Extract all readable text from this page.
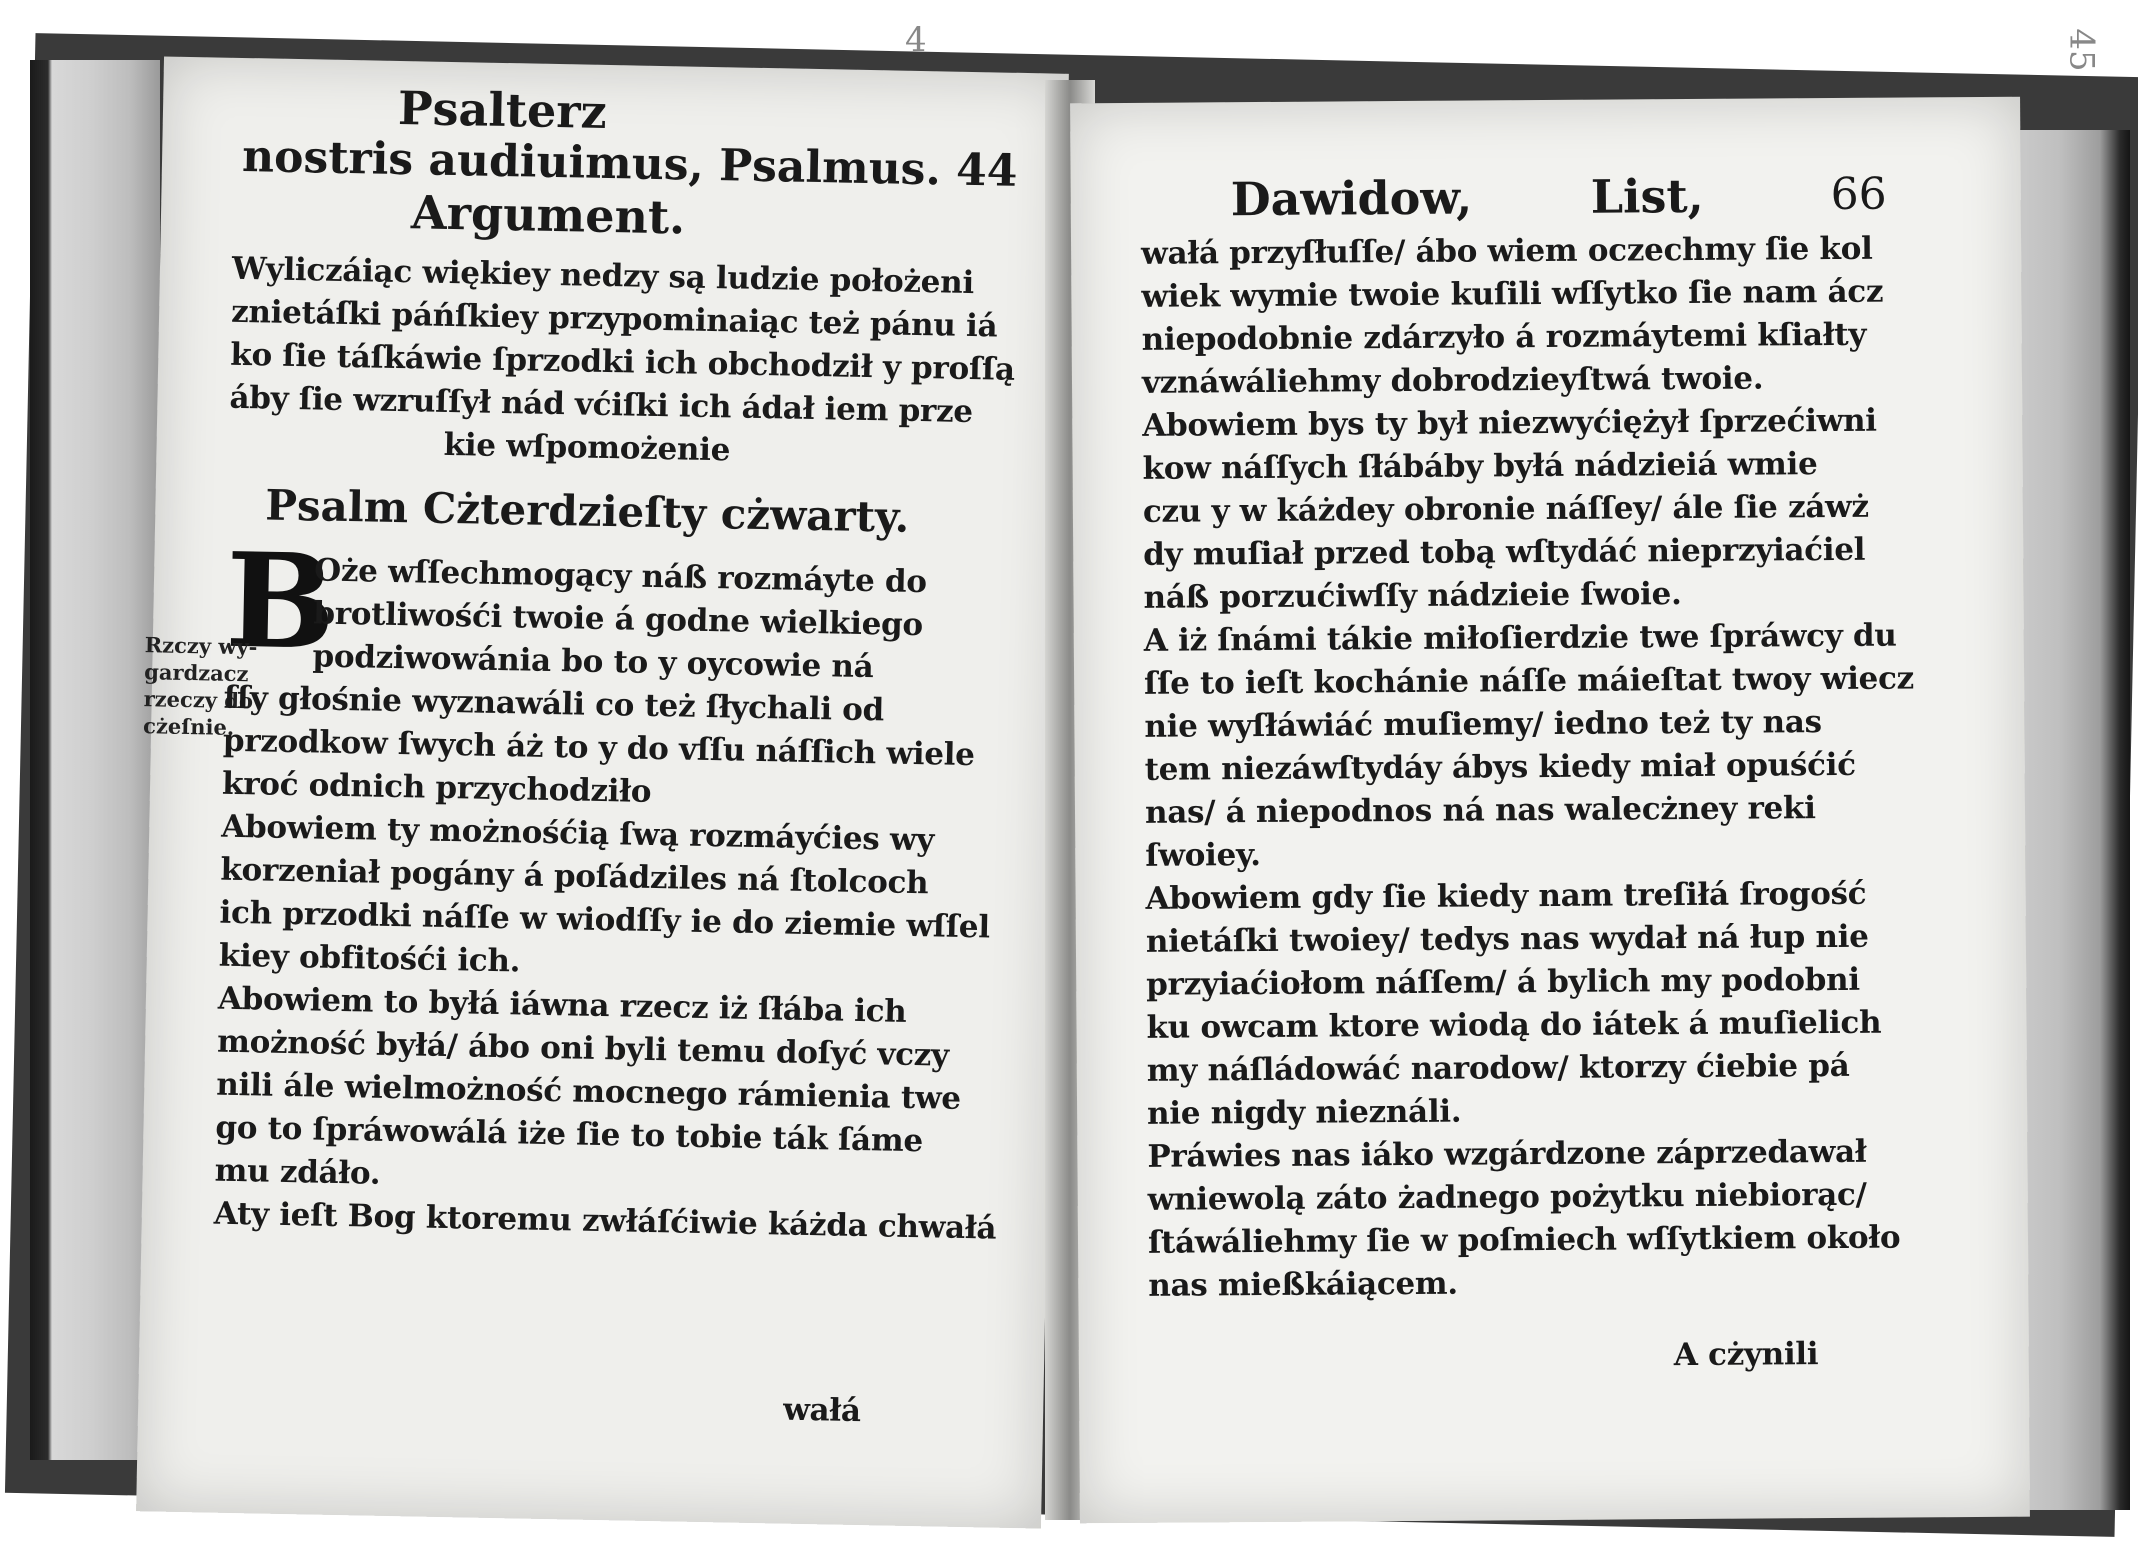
Psalterz
nostris audiuimus, Psalmus. 44
Argument.
Wyliczáiąc więkiey nedzy są ludzie położeni
znietáſki páńſkiey przypominaiąc też pánu iá
ko ſie táſkáwie ſprzodki ich obchodził y proſſą
áby ſie wzruſſył nád vćiſki ich ádał iem prze
kie wſpomożenie
Psalm Cżterdzieſty cżwarty.
B
Rzczy wy-
gardzacz
rzeczy do
cżeſnie.
Oże wſſechmogący náß rozmáyte do
brotliwośći twoie á godne wielkiego
podziwowánia bo to y oycowie ná
ſſy głośnie wyznawáli co też ſłychali od
przodkow ſwych áż to y do vſſu náſſich wiele
kroć odnich przychodziło
Abowiem ty możnośćią ſwą rozmáyćies wy
korzeniał pogány á poſádziles ná ſtolcoch
ich przodki náſſe w wiodſſy ie do ziemie wſſel
kiey obfitośći ich.
Abowiem to byłá iáwna rzecz iż ſłába ich
możność byłá/ ábo oni byli temu doſyć vczy
nili ále wielmożność mocnego rámienia twe
go to ſpráwowálá iże ſie to tobie ták ſáme
mu zdáło.
Aty ieſt Bog ktoremu zwłáſćiwie káżda chwałá
wałá
Dawidow,	List,	66
wałá przyſłuſſe/ ábo wiem oczechmy ſie kol
wiek wymie twoie kuſili wſſytko ſie nam ácz
niepodobnie zdárzyło á rozmáytemi kſiałty
vznáwáliehmy dobrodzieyſtwá twoie.
Abowiem bys ty był niezwyćiężył ſprzećiwni
kow náſſych ſłábáby byłá nádzieiá wmie
czu y w káżdey obronie náſſey/ ále ſie záwż
dy muſiał przed tobą wſtydáć nieprzyiaćiel
náß porzućiwſſy nádzieie ſwoie.
A iż ſnámi tákie miłoſierdzie twe ſpráwcy du
ſſe to ieſt kochánie náſſe máieſtat twoy wiecz
nie wyſłáwiáć muſiemy/ iedno też ty nas
tem niezáwſtydáy ábys kiedy miał opuśćić
nas/ á niepodnos ná nas walecżney reki
ſwoiey.
Abowiem gdy ſie kiedy nam treſiłá ſrogość
nietáſki twoiey/ tedys nas wydał ná łup nie
przyiaćiołom náſſem/ á bylich my podobni
ku owcam ktore wiodą do iátek á muſielich
my náſládowáć narodow/ ktorzy ćiebie pá
nie nigdy nieználi.
Práwies nas iáko wzgárdzone záprzedawał
wniewolą záto żadnego pożytku niebiorąc/
ſtáwáliehmy ſie w poſmiech wſſytkiem około
nas mießkáiącem.
A cżynili
4	45
